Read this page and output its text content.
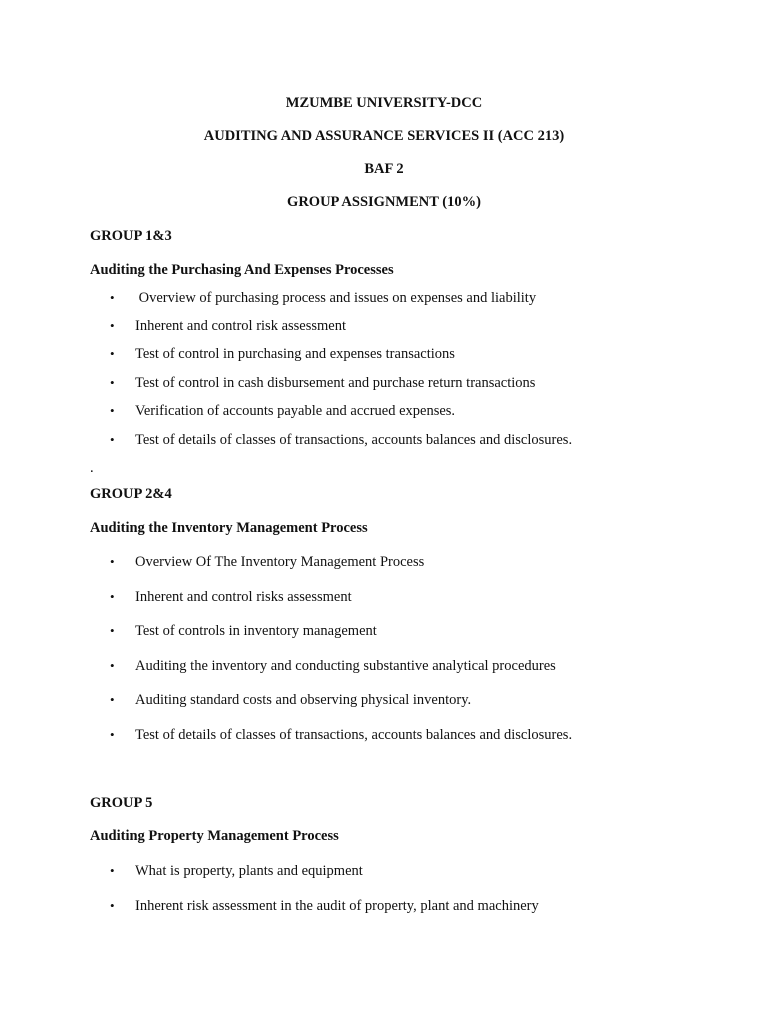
MZUMBE UNIVERSITY-DCC
AUDITING AND ASSURANCE SERVICES II (ACC 213)
BAF 2
GROUP ASSIGNMENT (10%)
GROUP 1&3
Auditing the Purchasing And Expenses Processes
• Overview of purchasing process and issues on expenses and liability
• Inherent and control risk assessment
• Test of control in purchasing and expenses transactions
• Test of control in cash disbursement and purchase return transactions
• Verification of accounts payable and accrued expenses.
• Test of details of classes of transactions, accounts balances and disclosures.
.
GROUP 2&4
Auditing the Inventory Management Process
• Overview Of The Inventory Management Process
• Inherent and control risks assessment
• Test of controls in inventory management
• Auditing the inventory and conducting substantive analytical procedures
• Auditing standard costs and observing physical inventory.
• Test of details of classes of transactions, accounts balances and disclosures.
GROUP 5
Auditing Property Management Process
• What is property, plants and equipment
• Inherent risk assessment in the audit of property, plant and machinery
